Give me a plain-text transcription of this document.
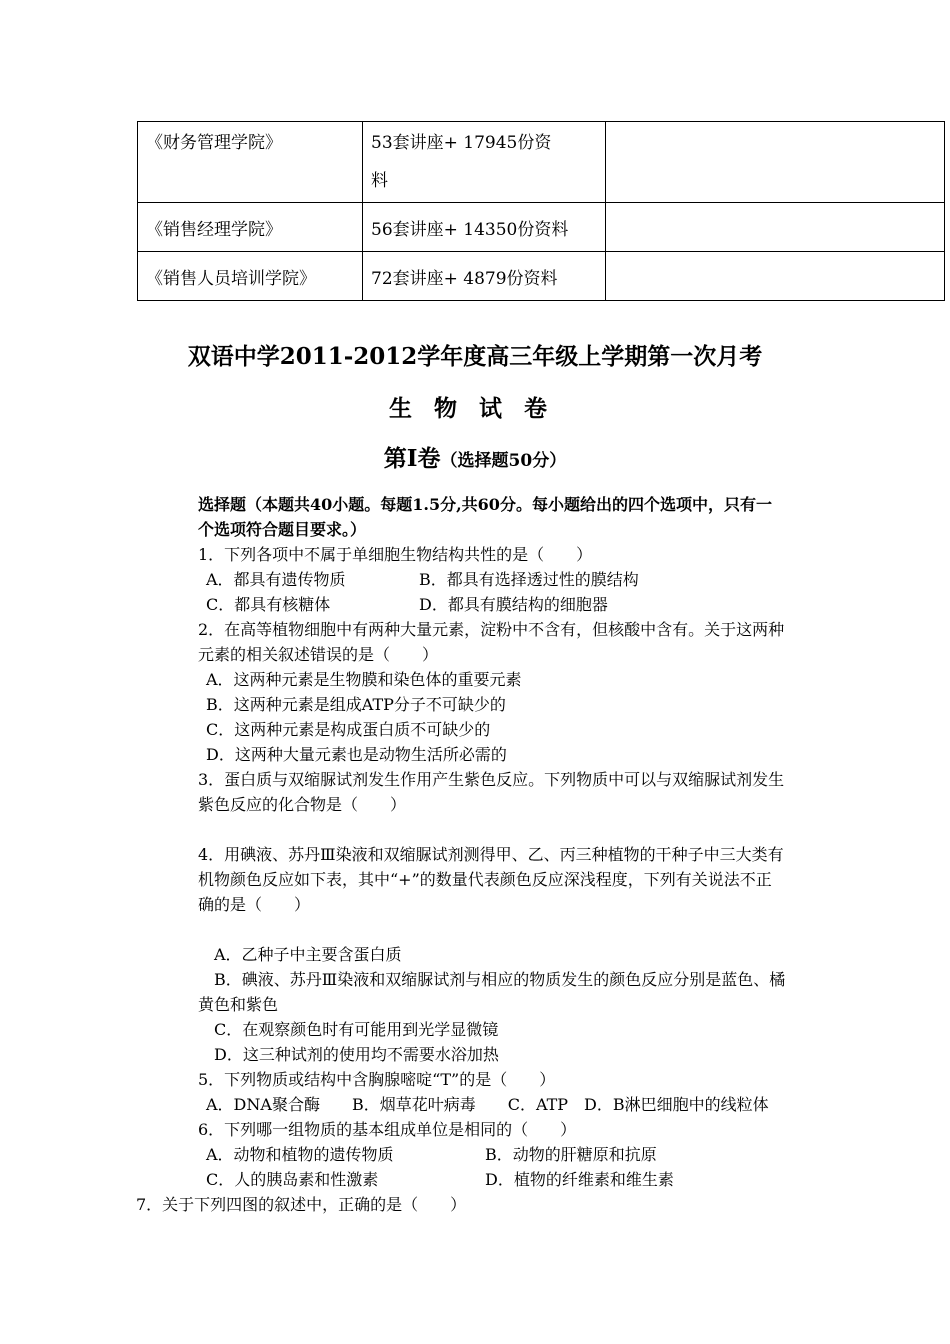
《财务管理学院》	53套讲座+ 17945份资
料	
《销售经理学院》	56套讲座+ 14350份资料	
《销售人员培训学院》	72套讲座+ 4879份资料	
双语中学2011-2012学年度高三年级上学期第一次月考
生物试卷
第Ⅰ卷（选择题50分）
选择题（本题共40小题。每题1.5分,共60分。每小题给出的四个选项中，只有一
个选项符合题目要求。）
1．下列各项中不属于单细胞生物结构共性的是（　　）
A．都具有遗传物质	B．都具有选择透过性的膜结构
C．都具有核糖体	D．都具有膜结构的细胞器
2．在高等植物细胞中有两种大量元素，淀粉中不含有，但核酸中含有。关于这两种
元素的相关叙述错误的是（　　）
A．这两种元素是生物膜和染色体的重要元素
B．这两种元素是组成ATP分子不可缺少的
C．这两种元素是构成蛋白质不可缺少的
D．这两种大量元素也是动物生活所必需的
3．蛋白质与双缩脲试剂发生作用产生紫色反应。下列物质中可以与双缩脲试剂发生
紫色反应的化合物是（　　）
4．用碘液、苏丹Ⅲ染液和双缩脲试剂测得甲、乙、丙三种植物的干种子中三大类有
机物颜色反应如下表，其中“+”的数量代表颜色反应深浅程度，下列有关说法不正
确的是（　　）
A．乙种子中主要含蛋白质
B．碘液、苏丹Ⅲ染液和双缩脲试剂与相应的物质发生的颜色反应分别是蓝色、橘
黄色和紫色
C．在观察颜色时有可能用到光学显微镜
D．这三种试剂的使用均不需要水浴加热
5．下列物质或结构中含胸腺嘧啶“T”的是（　　）
A．DNA聚合酶　　B．烟草花叶病毒　　C．ATP　D．B淋巴细胞中的线粒体
6．下列哪一组物质的基本组成单位是相同的（　　）
A．动物和植物的遗传物质	B．动物的肝糖原和抗原
C．人的胰岛素和性激素	D．植物的纤维素和维生素
7．关于下列四图的叙述中，正确的是（　　）
